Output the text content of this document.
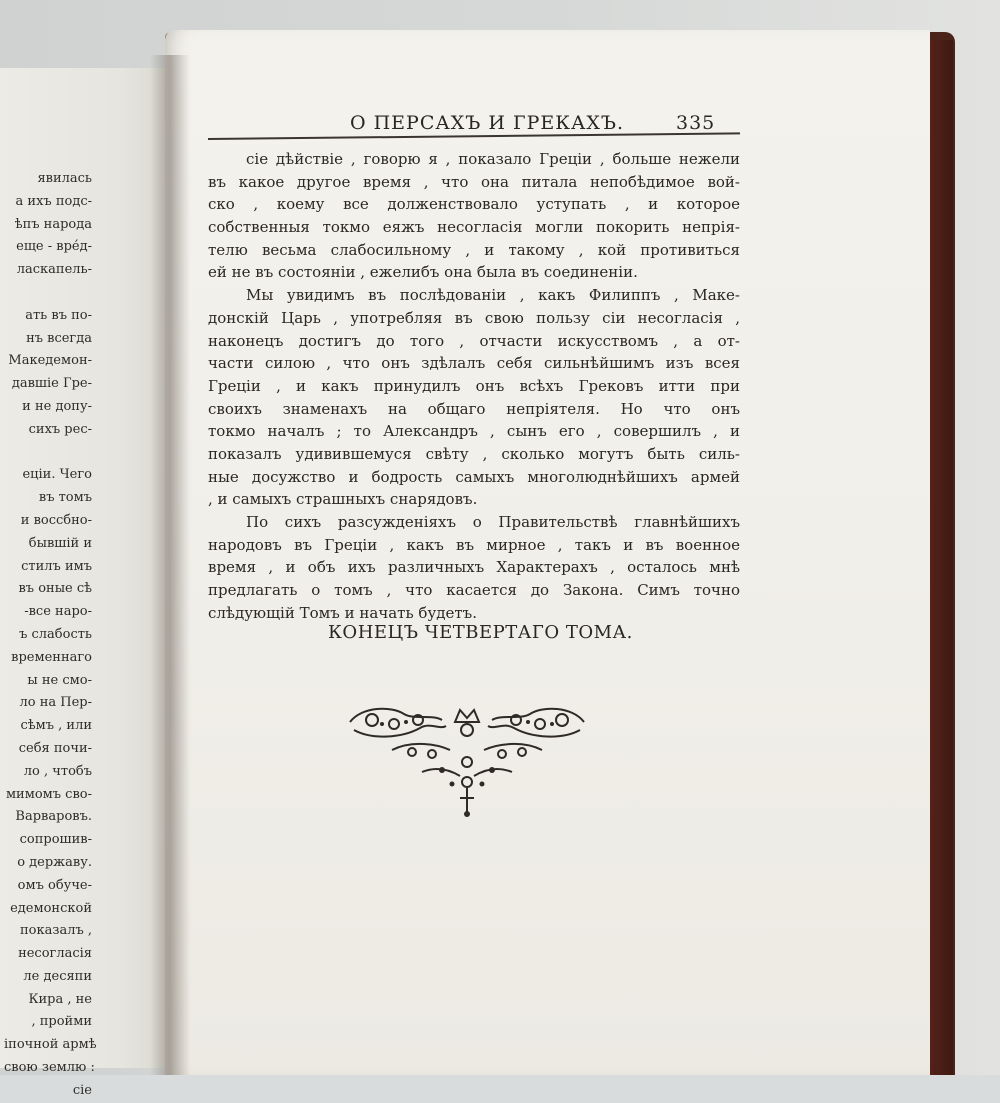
явилась
а ихъ подс-
ѣпъ народа
еще - вре́д-
ласкапель-
ать въ по-
нъ всегда
Македемон-
давшіе Гре-
и не допу-
сихъ рес-
еціи. Чего
въ томъ
и воссбно-
бывшій и
стилъ имъ
въ оные сѣ
-все наро-
ъ слабость
временнаго
ы не смо-
ло на Пер-
сѣмъ , или
себя почи-
ло , чтобъ
мимомъ сво-
Варваровъ.
сопрошив-
о державу.
омъ обуче-
едемонской
показалъ ,
несогласія
ле десяпи
Кира , не
, пройми
іпочной армѣ
свою землю :
сіе
О ПЕРСАХЪ И ГРЕКАХЪ.	335
сіе дѣйствіе , говорю я , показало Греціи , больше нежели
въ какое другое время , что она питала непобѣдимое вой-
ско , коему все долженствовало уступать , и которое
собственныя токмо еяжъ несогласія могли покорить непрія-
телю весьма слабосильному , и такому , кой противиться
ей не въ состояніи , ежелибъ она была въ соединеніи.
Мы увидимъ въ послѣдованіи , какъ Филиппъ , Маке-
донскій Царь , употребляя въ свою пользу сіи несогласія ,
наконецъ достигъ до того , отчасти искусствомъ , а от-
части силою , что онъ здѣлалъ себя сильнѣйшимъ изъ всея
Греціи , и какъ принудилъ онъ всѣхъ Грековъ итти при
своихъ знаменахъ на общаго непріятеля. Но что онъ
токмо началъ ; то Александръ , сынъ его , совершилъ , и
показалъ удивившемуся свѣту , сколько могутъ быть силь-
ные досужство и бодрость самыхъ многолюднѣйшихъ армей
, и самыхъ страшныхъ снарядовъ.
По сихъ разсужденіяхъ о Правительствѣ главнѣйшихъ
народовъ въ Греціи , какъ въ мирное , такъ и въ военное
время , и объ ихъ различныхъ Характерахъ , осталось мнѣ
предлагать о томъ , что касается до Закона. Симъ точно
слѣдующій Томъ и начать будетъ.
КОНЕЦЪ ЧЕТВЕРТАГО ТОМА.
